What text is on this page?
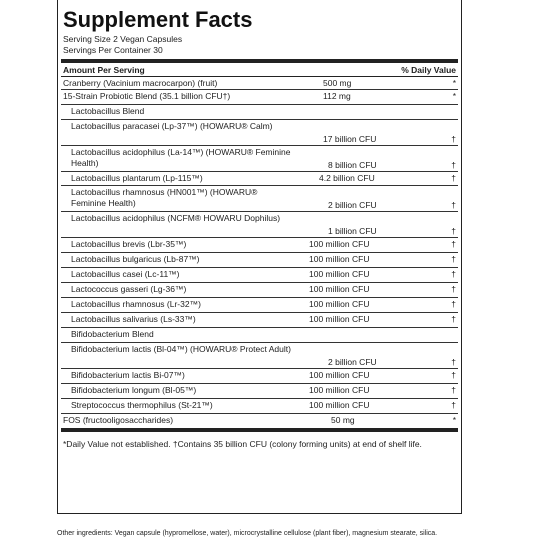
Supplement Facts
Serving Size 2 Vegan Capsules
Servings Per Container 30
Amount Per Serving	% Daily Value
Cranberry (Vacinium macrocarpon) (fruit)	500 mg	*
15-Strain Probiotic Blend (35.1 billion CFU†)	112 mg	*
Lactobacillus Blend
Lactobacillus paracasei (Lp-37™) (HOWARU® Calm)
17 billion CFU	†
Lactobacillus acidophilus (La-14™) (HOWARU® Feminine Health)	8 billion CFU	†
Lactobacillus plantarum (Lp-115™)	4.2 billion CFU	†
Lactobacillus rhamnosus (HN001™) (HOWARU® Feminine Health)	2 billion CFU	†
Lactobacillus acidophilus (NCFM® HOWARU Dophilus)
1 billion CFU	†
Lactobacillus brevis (Lbr-35™)	100 million CFU	†
Lactobacillus bulgaricus (Lb-87™)	100 million CFU	†
Lactobacillus casei (Lc-11™)	100 million CFU	†
Lactococcus gasseri (Lg-36™)	100 million CFU	†
Lactobacillus rhamnosus (Lr-32™)	100 million CFU	†
Lactobacillus salivarius (Ls-33™)	100 million CFU	†
Bifidobacterium Blend
Bifidobacterium lactis (Bl-04™) (HOWARU® Protect Adult)
2 billion CFU	†
Bifidobacterium lactis Bi-07™)	100 million CFU	†
Bifidobacterium longum (Bl-05™)	100 million CFU	†
Streptococcus thermophilus (St-21™)	100 million CFU	†
FOS (fructooligosaccharides)	50 mg	*
*Daily Value not established. †Contains 35 billion CFU (colony forming units) at end of shelf life.
Other ingredients: Vegan capsule (hypromellose, water), microcrystalline cellulose (plant fiber), magnesium stearate, silica.
